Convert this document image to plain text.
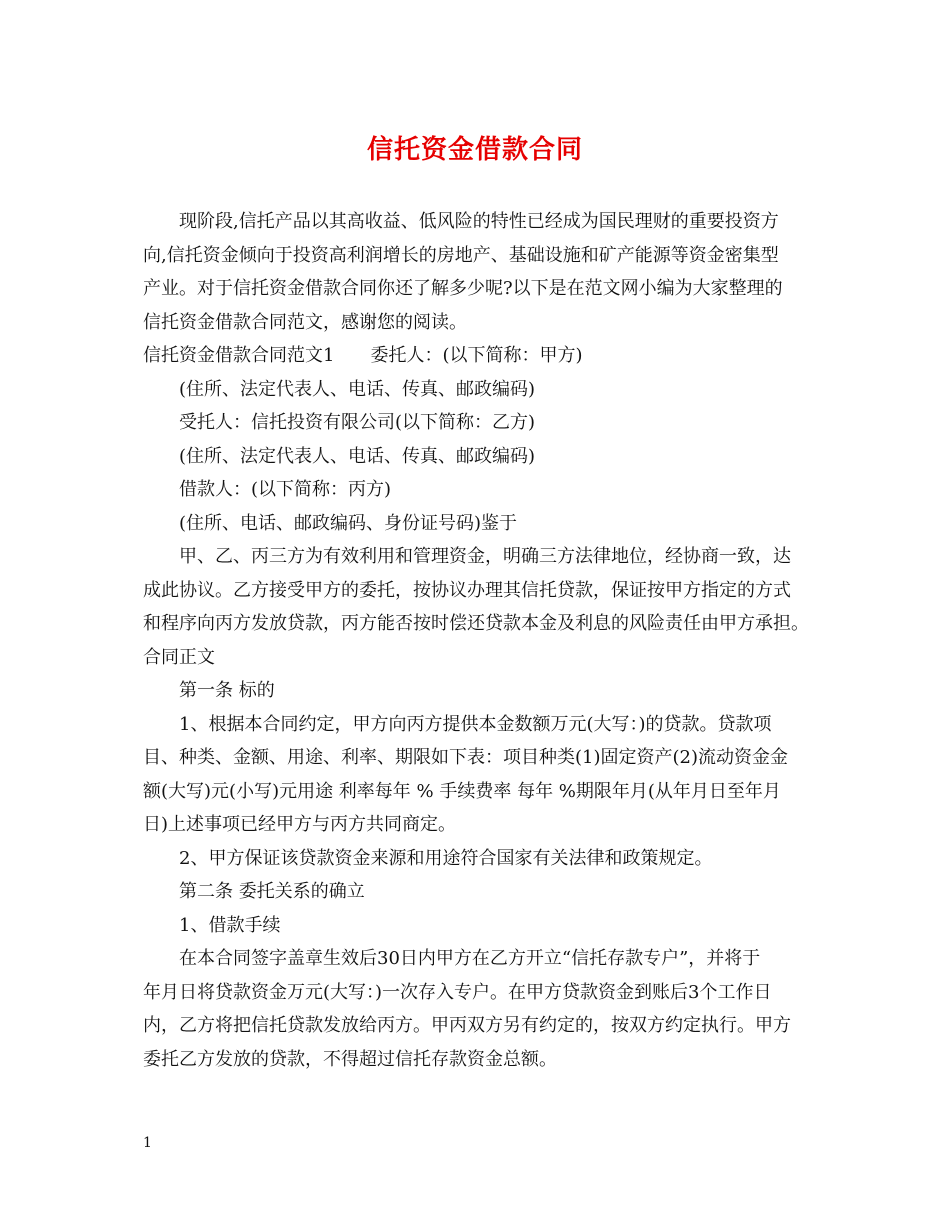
信托资金借款合同
现阶段,信托产品以其高收益、低风险的特性已经成为国民理财的重要投资方
向,信托资金倾向于投资高利润增长的房地产、基础设施和矿产能源等资金密集型
产业。对于信托资金借款合同你还了解多少呢?以下是在范文网小编为大家整理的
信托资金借款合同范文，感谢您的阅读。
信托资金借款合同范文1　　委托人：(以下简称：甲方)
(住所、法定代表人、电话、传真、邮政编码)
受托人：信托投资有限公司(以下简称：乙方)
(住所、法定代表人、电话、传真、邮政编码)
借款人：(以下简称：丙方)
(住所、电话、邮政编码、身份证号码)鉴于
甲、乙、丙三方为有效利用和管理资金，明确三方法律地位，经协商一致，达
成此协议。乙方接受甲方的委托，按协议办理其信托贷款，保证按甲方指定的方式
和程序向丙方发放贷款，丙方能否按时偿还贷款本金及利息的风险责任由甲方承担。
合同正文
第一条 标的
1、根据本合同约定，甲方向丙方提供本金数额万元(大写：)的贷款。贷款项
目、种类、金额、用途、利率、期限如下表：项目种类(1)固定资产(2)流动资金金
额(大写)元(小写)元用途 利率每年 % 手续费率 每年 %期限年月(从年月日至年月
日)上述事项已经甲方与丙方共同商定。
2、甲方保证该贷款资金来源和用途符合国家有关法律和政策规定。
第二条 委托关系的确立
1、借款手续
在本合同签字盖章生效后30日内甲方在乙方开立“信托存款专户”，并将于
年月日将贷款资金万元(大写：)一次存入专户。在甲方贷款资金到账后3个工作日
内，乙方将把信托贷款发放给丙方。甲丙双方另有约定的，按双方约定执行。甲方
委托乙方发放的贷款，不得超过信托存款资金总额。
1
